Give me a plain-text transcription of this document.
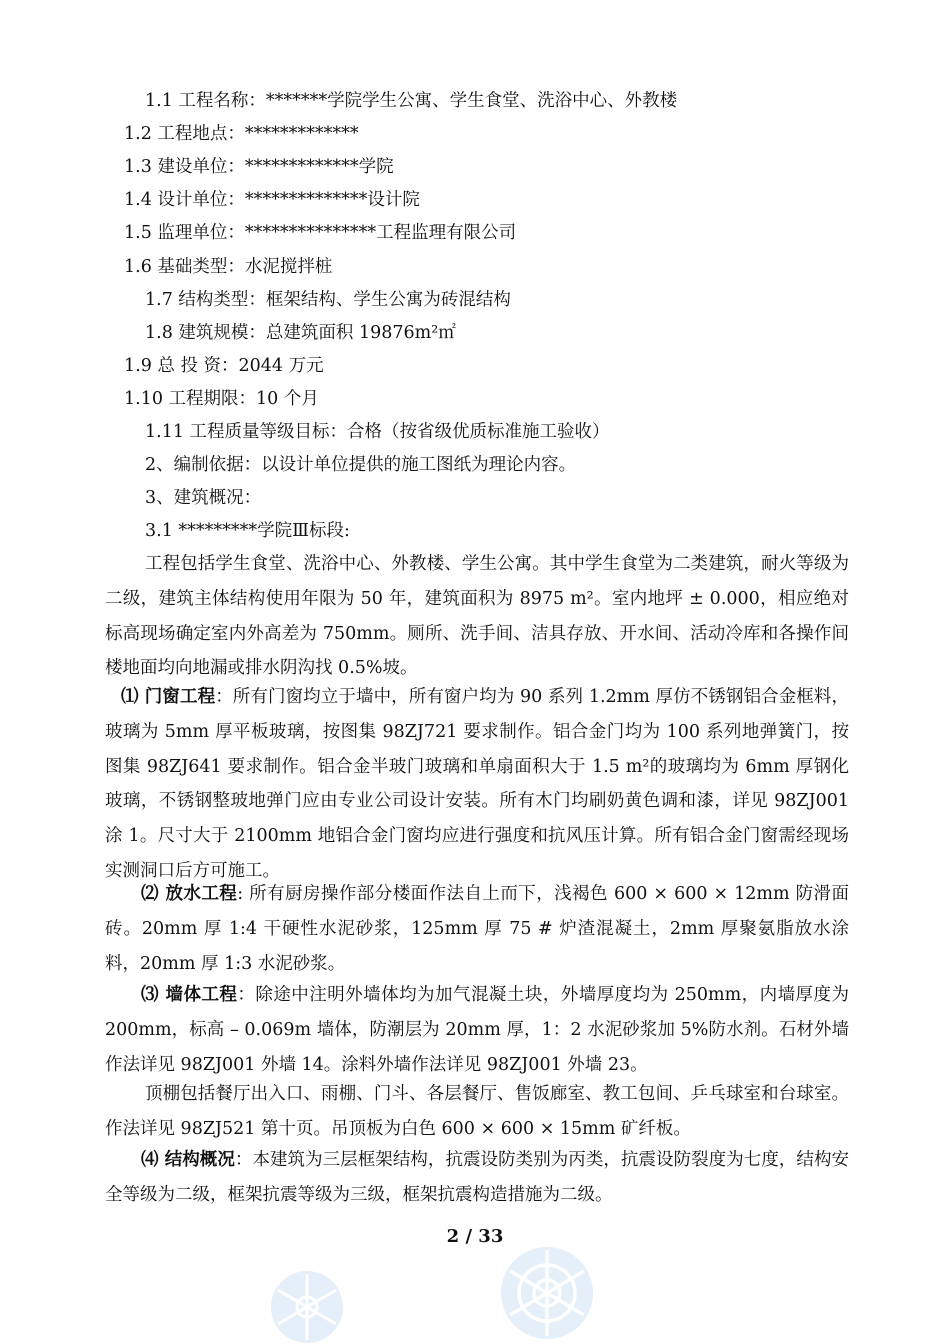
1.1 工程名称：*******学院学生公寓、学生食堂、洗浴中心、外教楼

1.2 工程地点：*************

1.3 建设单位：*************学院

1.4 设计单位：**************设计院

1.5 监理单位：***************工程监理有限公司

1.6 基础类型：水泥搅拌桩

1.7 结构类型：框架结构、学生公寓为砖混结构

1.8 建筑规模：总建筑面积 19876m²㎡

1.9 总 投 资：2044 万元

1.10 工程期限：10 个月

1.11 工程质量等级目标：合格（按省级优质标准施工验收）

2、编制依据：以设计单位提供的施工图纸为理论内容。

3、建筑概况：

3.1 *********学院Ⅲ标段:

工程包括学生食堂、洗浴中心、外教楼、学生公寓。其中学生食堂为二类建筑，耐火等级为二级，建筑主体结构使用年限为 50 年，建筑面积为 8975 m²。室内地坪 ± 0.000，相应绝对标高现场确定室内外高差为 750mm。厕所、洗手间、洁具存放、开水间、活动冷库和各操作间楼地面均向地漏或排水阴沟找 0.5%坡。

⑴ 门窗工程：所有门窗均立于墙中，所有窗户均为 90 系列 1.2mm 厚仿不锈钢铝合金框料，玻璃为 5mm 厚平板玻璃，按图集 98ZJ721 要求制作。铝合金门均为 100 系列地弹簧门，按图集 98ZJ641 要求制作。铝合金半玻门玻璃和单扇面积大于 1.5 m²的玻璃均为 6mm 厚钢化玻璃，不锈钢整玻地弹门应由专业公司设计安装。所有木门均刷奶黄色调和漆，详见 98ZJ001 涂 1。尺寸大于 2100mm 地铝合金门窗均应进行强度和抗风压计算。所有铝合金门窗需经现场实测洞口后方可施工。

⑵ 放水工程: 所有厨房操作部分楼面作法自上而下，浅褐色 600 × 600 × 12mm 防滑面砖。20mm 厚 1:4 干硬性水泥砂浆，125mm 厚 75 # 炉渣混凝土，2mm 厚聚氨脂放水涂料，20mm 厚 1:3 水泥砂浆。

⑶ 墙体工程：除途中注明外墙体均为加气混凝土块，外墙厚度均为 250mm，内墙厚度为 200mm，标高 – 0.069m 墙体，防潮层为 20mm 厚，1：2 水泥砂浆加 5%防水剂。石材外墙作法详见 98ZJ001 外墙 14。涂料外墙作法详见 98ZJ001 外墙 23。

顶棚包括餐厅出入口、雨棚、门斗、各层餐厅、售饭廊室、教工包间、乒乓球室和台球室。作法详见 98ZJ521 第十页。吊顶板为白色 600 × 600 × 15mm 矿纤板。

⑷ 结构概况：本建筑为三层框架结构，抗震设防类别为丙类，抗震设防裂度为七度，结构安全等级为二级，框架抗震等级为三级，框架抗震构造措施为二级。

2 / 33
